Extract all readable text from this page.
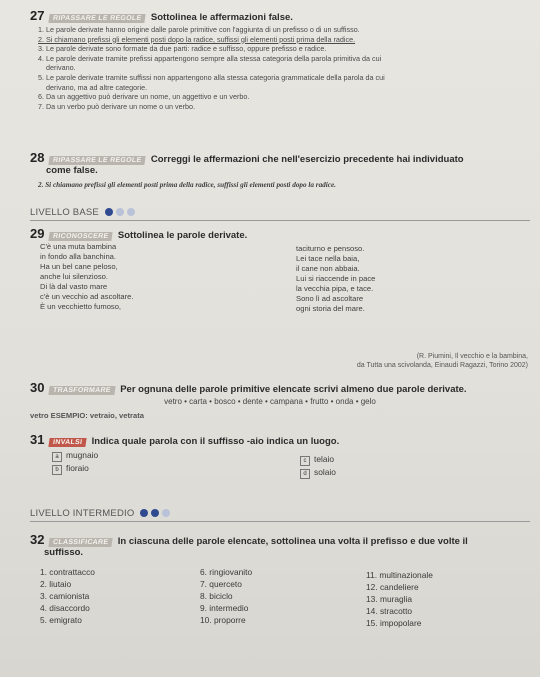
27	RIPASSARE LE REGOLE Sottolinea le affermazioni false.
1. Le parole derivate hanno origine dalle parole primitive con l'aggiunta di un prefisso o di un suffisso.
2. Si chiamano prefissi gli elementi posti dopo la radice, suffissi gli elementi posti prima della radice.
3. Le parole derivate sono formate da due parti: radice e suffisso, oppure prefisso e radice.
4. Le parole derivate tramite prefissi appartengono sempre alla stessa categoria della parola primitiva da cui
derivano.
5. Le parole derivate tramite suffissi non appartengono alla stessa categoria grammaticale della parola da cui
derivano, ma ad altre categorie.
6. Da un aggettivo può derivare un nome, un aggettivo e un verbo.
7. Da un verbo può derivare un nome o un verbo.
28	RIPASSARE LE REGOLE Correggi le affermazioni che nell'esercizio precedente hai individuato
come false.
2. Si chiamano prefissi gli elementi posti prima della radice, suffissi gli elementi posti dopo la radice.
LIVELLO BASE
29	RICONOSCERE Sottolinea le parole derivate.
C'è una muta bambina
in fondo alla banchina.
Ha un bel cane peloso,
anche lui silenzioso.
Di là dal vasto mare
c'è un vecchio ad ascoltare.
È un vecchietto fumoso,
taciturno e pensoso.
Lei tace nella baia,
il cane non abbaia.
Lui si riaccende in pace
la vecchia pipa, e tace.
Sono lì ad ascoltare
ogni storia del mare.
(R. Piumini, Il vecchio e la bambina,
da Tutta una scivolanda, Einaudi Ragazzi, Torino 2002)
30	TRASFORMARE Per ognuna delle parole primitive elencate scrivi almeno due parole derivate.
vetro • carta • bosco • dente • campana • frutto • onda • gelo
vetro ESEMPIO: vetraio, vetrata
31	INVALSI Indica quale parola con il suffisso -aio indica un luogo.
a mugnaio
b fioraio
c telaio
d solaio
LIVELLO INTERMEDIO
32	CLASSIFICARE In ciascuna delle parole elencate, sottolinea una volta il prefisso e due volte il
suffisso.
1. contrattacco
2. liutaio
3. camionista
4. disaccordo
5. emigrato
6. ringiovanito
7. querceto
8. biciclo
9. intermedio
10. proporre
11. multinazionale
12. candeliere
13. muraglia
14. stracotto
15. impopolare
